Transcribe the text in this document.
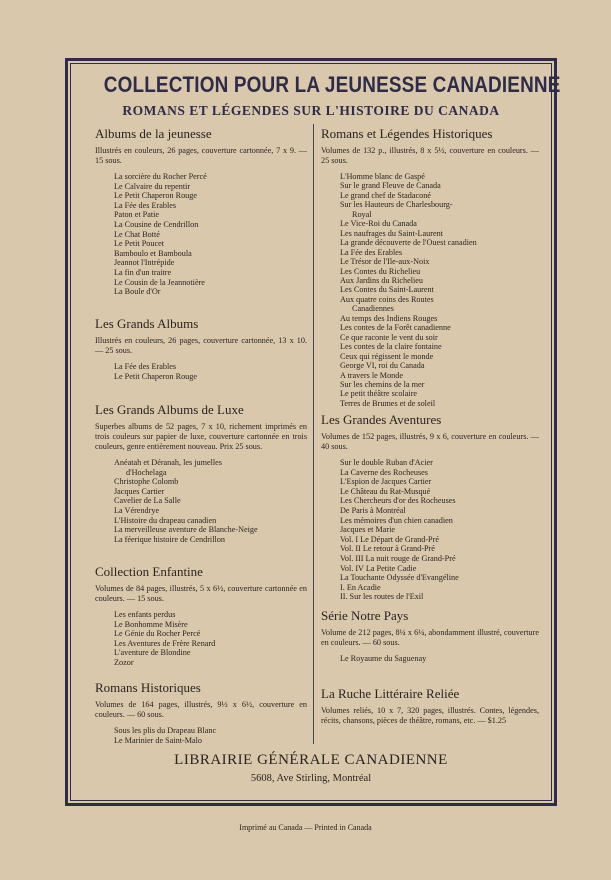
COLLECTION POUR LA JEUNESSE CANADIENNE
ROMANS ET LÉGENDES SUR L'HISTOIRE DU CANADA
Albums de la jeunesse
Illustrés en couleurs, 26 pages, couverture cartonnée, 7 x 9. — 15 sous.
La sorcière du Rocher Percé
Le Calvaire du repentir
Le Petit Chaperon Rouge
La Fée des Erables
Paton et Patie
La Cousine de Cendrillon
Le Chat Botté
Le Petit Poucet
Bamboulo et Bamboula
Jeannot l'Intrépide
La fin d'un traitre
Le Cousin de la Jeannotière
La Boule d'Or
Les Grands Albums
Illustrés en couleurs, 26 pages, couverture cartonnée, 13 x 10. — 25 sous.
La Fée des Erables
Le Petit Chaperon Rouge
Les Grands Albums de Luxe
Superbes albums de 52 pages, 7 x 10, richement imprimés en trois couleurs sur papier de luxe, couverture cartonnée en trois couleurs, genre entièrement nouveau. Prix 25 sous.
Anéatah et Déranah, les jumelles
d'Hochelaga
Christophe Colomb
Jacques Cartier
Cavelier de La Salle
La Vérendrye
L'Histoire du drapeau canadien
La merveilleuse aventure de Blanche-Neige
La féerique histoire de Cendrillon
Collection Enfantine
Volumes de 84 pages, illustrés, 5 x 6½, couverture cartonnée en couleurs. — 15 sous.
Les enfants perdus
Le Bonhomme Misère
Le Génie du Rocher Percé
Les Aventures de Frère Renard
L'aventure de Blondine
Zozor
Romans Historiques
Volumes de 164 pages, illustrés, 9½ x 6½, couverture en couleurs. — 60 sous.
Sous les plis du Drapeau Blanc
Le Marinier de Saint-Malo
Romans et Légendes Historiques
Volumes de 132 p., illustrés, 8 x 5½, couverture en couleurs. — 25 sous.
L'Homme blanc de Gaspé
Sur le grand Fleuve de Canada
Le grand chef de Stadaconé
Sur les Hauteurs de Charlesbourg-
Royal
Le Vice-Roi du Canada
Les naufrages du Saint-Laurent
La grande découverte de l'Ouest canadien
La Fée des Erables
Le Trésor de l'Ile-aux-Noix
Les Contes du Richelieu
Aux Jardins du Richelieu
Les Contes du Saint-Laurent
Aux quatre coins des Routes
Canadiennes
Au temps des Indiens Rouges
Les contes de la Forêt canadienne
Ce que raconte le vent du soir
Les contes de la claire fontaine
Ceux qui régissent le monde
George VI, roi du Canada
A travers le Monde
Sur les chemins de la mer
Le petit théâtre scolaire
Terres de Brumes et de soleil
Les Grandes Aventures
Volumes de 152 pages, illustrés, 9 x 6, couverture en couleurs. — 40 sous.
Sur le double Ruban d'Acier
La Caverne des Rocheuses
L'Espion de Jacques Cartier
Le Château du Rat-Musqué
Les Chercheurs d'or des Rocheuses
De Paris à Montréal
Les mémoires d'un chien canadien
Jacques et Marie
Vol. I Le Départ de Grand-Pré
Vol. II Le retour à Grand-Pré
Vol. III La nuit rouge de Grand-Pré
Vol. IV La Petite Cadie
La Touchante Odyssée d'Evangéline
I. En Acadie
II. Sur les routes de l'Exil
Série Notre Pays
Volume de 212 pages, 8¼ x 6¼, abondamment illustré, couverture en couleurs. — 60 sous.
Le Royaume du Saguenay
La Ruche Littéraire Reliée
Volumes reliés, 10 x 7, 320 pages, illustrés. Contes, légendes, récits, chansons, pièces de théâtre, romans, etc. — $1.25
LIBRAIRIE GÉNÉRALE CANADIENNE
5608, Ave Stirling, Montréal
Imprimé au Canada — Printed in Canada
